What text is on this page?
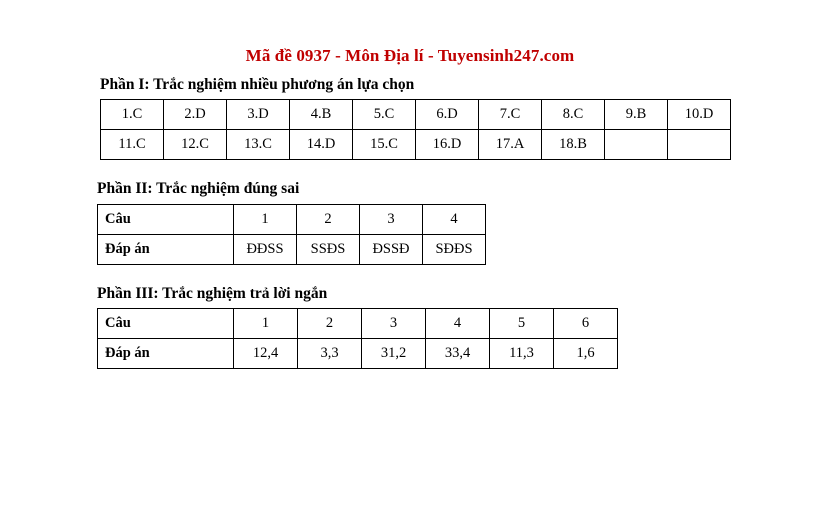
Mã đề 0937 - Môn Địa lí - Tuyensinh247.com
Phần I: Trắc nghiệm nhiều phương án lựa chọn
1.C	2.D	3.D	4.B	5.C	6.D	7.C	8.C	9.B	10.D
11.C	12.C	13.C	14.D	15.C	16.D	17.A	18.B		
Phần II: Trắc nghiệm đúng sai
Câu	1	2	3	4
Đáp án	ĐĐSS	SSĐS	ĐSSĐ	SĐĐS
Phần III: Trắc nghiệm trả lời ngắn
Câu	1	2	3	4	5	6
Đáp án	12,4	3,3	31,2	33,4	11,3	1,6
